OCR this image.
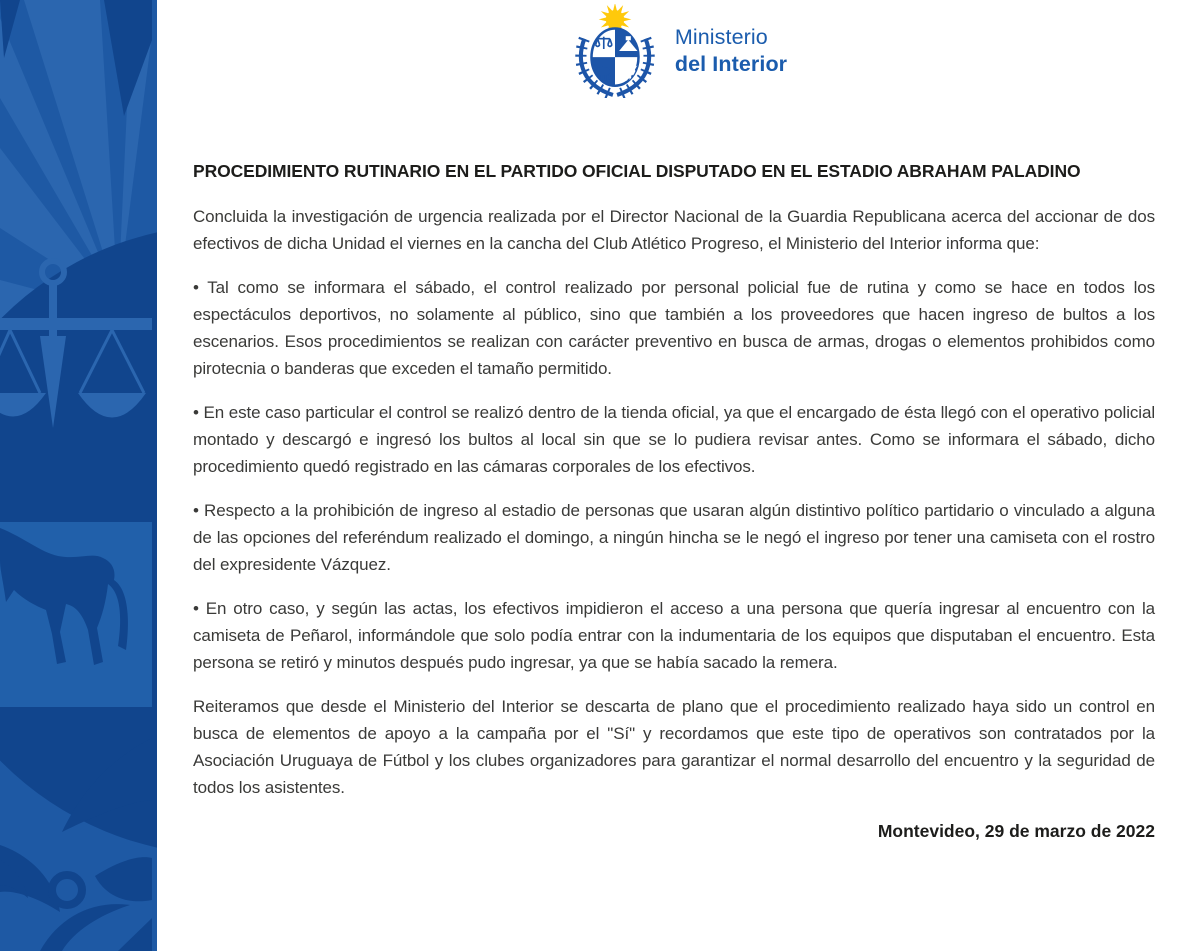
Ministerio
del Interior
PROCEDIMIENTO RUTINARIO EN EL PARTIDO OFICIAL DISPUTADO EN EL ESTADIO ABRAHAM PALADINO

Concluida la investigación de urgencia realizada por el Director Nacional de la Guardia Republicana acerca del accionar de dos efectivos de dicha Unidad el viernes en la cancha del Club Atlético Progreso, el Ministerio del Interior informa que:

• Tal como se informara el sábado, el control realizado por personal policial fue de rutina y como se hace en todos los espectáculos deportivos, no solamente al público, sino que también a los proveedores que hacen ingreso de bultos a los escenarios. Esos procedimientos se realizan con carácter preventivo en busca de armas, drogas o elementos prohibidos como pirotecnia o banderas que exceden el tamaño permitido.

• En este caso particular el control se realizó dentro de la tienda oficial, ya que el encargado de ésta llegó con el operativo policial montado y descargó e ingresó los bultos al local sin que se lo pudiera revisar antes. Como se informara el sábado, dicho procedimiento quedó registrado en las cámaras corporales de los efectivos.

• Respecto a la prohibición de ingreso al estadio de personas que usaran algún distintivo político partidario o vinculado a alguna de las opciones del referéndum realizado el domingo, a ningún hincha se le negó el ingreso por tener una camiseta con el rostro del expresidente Vázquez.

• En otro caso, y según las actas, los efectivos impidieron el acceso a una persona que quería ingresar al encuentro con la camiseta de Peñarol, informándole que solo podía entrar con la indumentaria de los equipos que disputaban el encuentro. Esta persona se retiró y minutos después pudo ingresar, ya que se había sacado la remera.

Reiteramos que desde el Ministerio del Interior se descarta de plano que el procedimiento realizado haya sido un control en busca de elementos de apoyo a la campaña por el "Sí" y recordamos que este tipo de operativos son contratados por la Asociación Uruguaya de Fútbol y los clubes organizadores para garantizar el normal desarrollo del encuentro y la seguridad de todos los asistentes.

Montevideo, 29 de marzo de 2022
